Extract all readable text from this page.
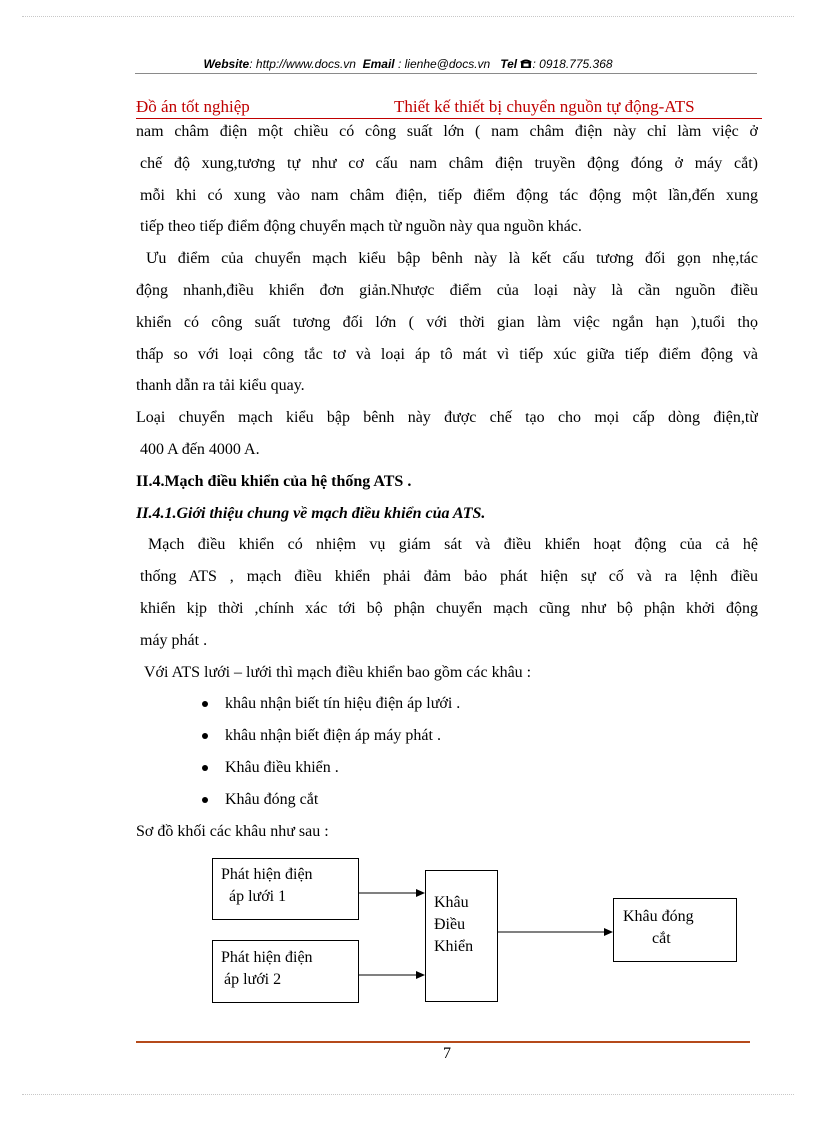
Website: http://www.docs.vn Email : lienhe@docs.vn Tel : 0918.775.368
Đồ án tốt nghiệp	Thiết kế thiết bị chuyển nguồn tự động-ATS
nam châm điện một chiều có công suất lớn ( nam châm điện này chỉ làm việc ở
chế độ xung,tương tự như cơ cấu nam châm điện truyền động đóng ở máy cắt)
mỗi khi có xung vào nam châm điện, tiếp điểm động tác động một lần,đến xung
tiếp theo tiếp điểm động chuyển mạch từ nguồn này qua nguồn khác.
Ưu điểm của chuyển mạch kiểu bập bênh này là kết cấu tương đối gọn nhẹ,tác
động nhanh,điều khiển đơn giản.Nhược điểm của loại này là cần nguồn điều
khiển có công suất tương đối lớn ( với thời gian làm việc ngắn hạn ),tuổi thọ
thấp so với loại công tắc tơ và loại áp tô mát vì tiếp xúc giữa tiếp điểm động và
thanh dẫn ra tải kiểu quay.
Loại chuyển mạch kiểu bập bênh này được chế tạo cho mọi cấp dòng điện,từ
400 A đến 4000 A.
II.4.Mạch điều khiển của hệ thống ATS .
II.4.1.Giới thiệu chung về mạch điều khiển của ATS.
Mạch điều khiển có nhiệm vụ giám sát và điều khiển hoạt động của cả hệ
thống ATS , mạch điều khiển phải đảm bảo phát hiện sự cố và ra lệnh điều
khiển kịp thời ,chính xác tới bộ phận chuyển mạch cũng như bộ phận khởi động
máy phát .
Với ATS lưới – lưới thì mạch điều khiển bao gồm các khâu :
khâu nhận biết tín hiệu điện áp lưới .
khâu nhận biết điện áp máy phát .
Khâu điều khiển .
Khâu đóng cắt
Sơ đồ khối các khâu như sau :
Phát hiện điện
áp lưới 1
Phát hiện điện
áp lưới 2
Khâu
Điều
Khiển
Khâu đóng
cắt
7
